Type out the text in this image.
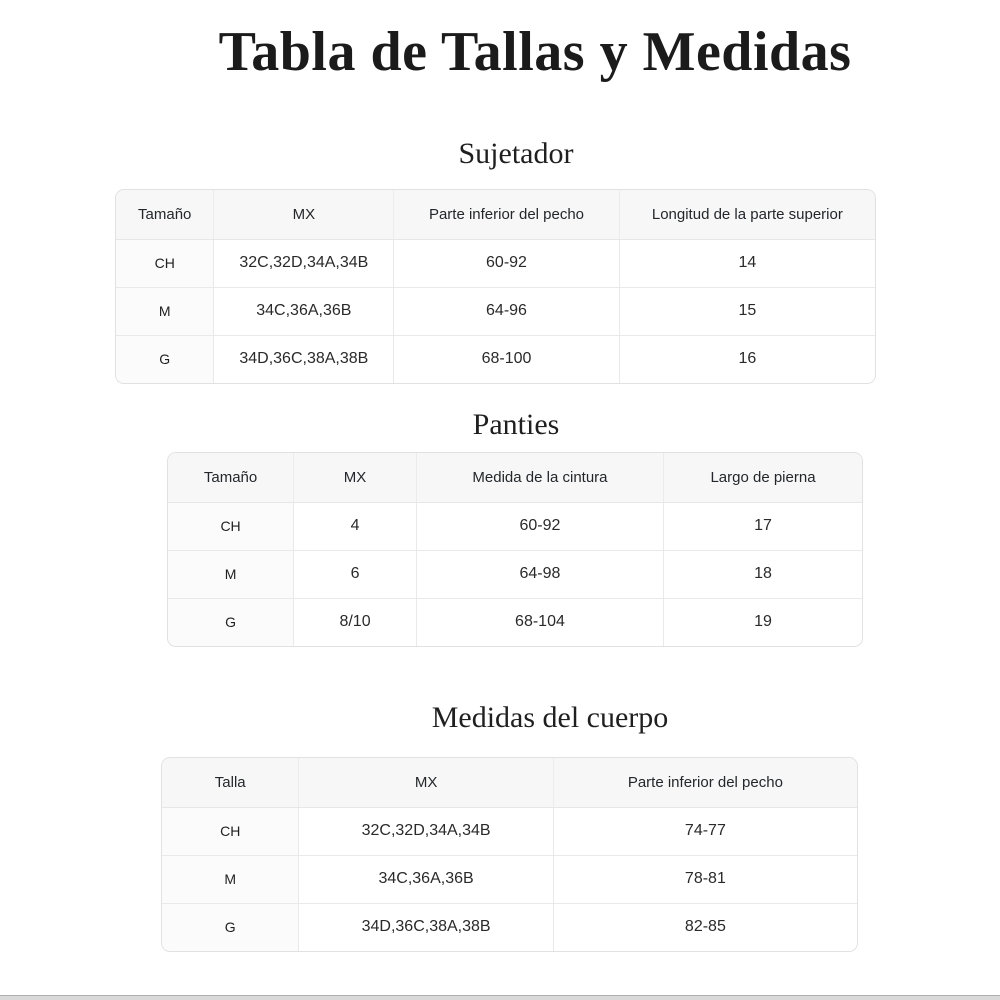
Tabla de Tallas y Medidas
Sujetador
Tamaño	MX	Parte inferior del pecho	Longitud de la parte superior
CH	32C,32D,34A,34B	60-92	14
M	34C,36A,36B	64-96	15
G	34D,36C,38A,38B	68-100	16
Panties
Tamaño	MX	Medida de la cintura	Largo de pierna
CH	4	60-92	17
M	6	64-98	18
G	8/10	68-104	19
Medidas del cuerpo
Talla	MX	Parte inferior del pecho
CH	32C,32D,34A,34B	74-77
M	34C,36A,36B	78-81
G	34D,36C,38A,38B	82-85
